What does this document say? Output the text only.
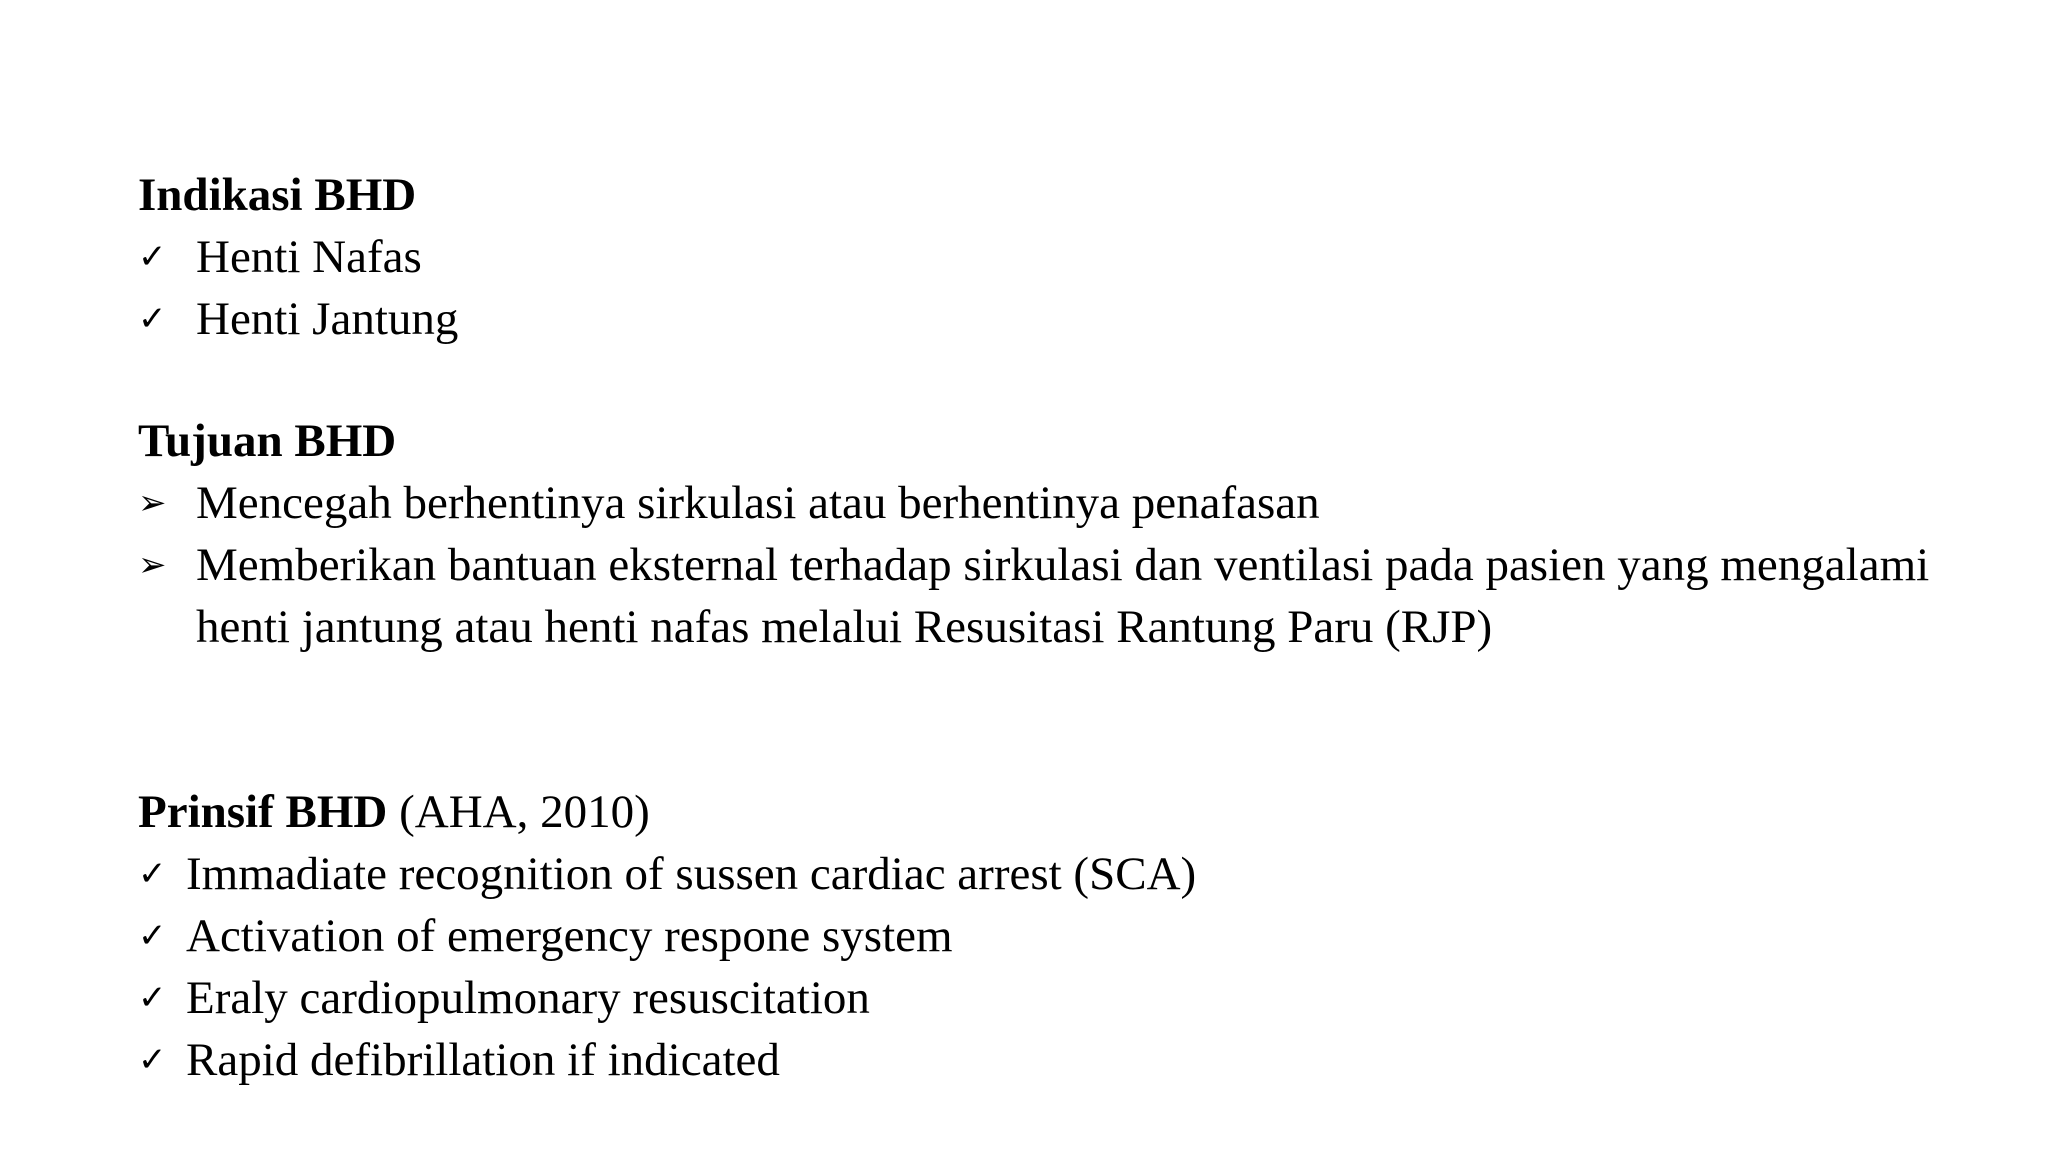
Indikasi BHD
✓ Henti Nafas
✓ Henti Jantung
Tujuan BHD
➢ Mencegah berhentinya sirkulasi atau berhentinya penafasan
➢ Memberikan bantuan eksternal terhadap sirkulasi dan ventilasi pada pasien yang mengalami henti jantung atau henti nafas melalui Resusitasi Rantung Paru (RJP)
Prinsif BHD (AHA, 2010)
✓ Immadiate recognition of sussen cardiac arrest (SCA)
✓ Activation of emergency respone system
✓ Eraly cardiopulmonary resuscitation
✓ Rapid defibrillation if indicated
